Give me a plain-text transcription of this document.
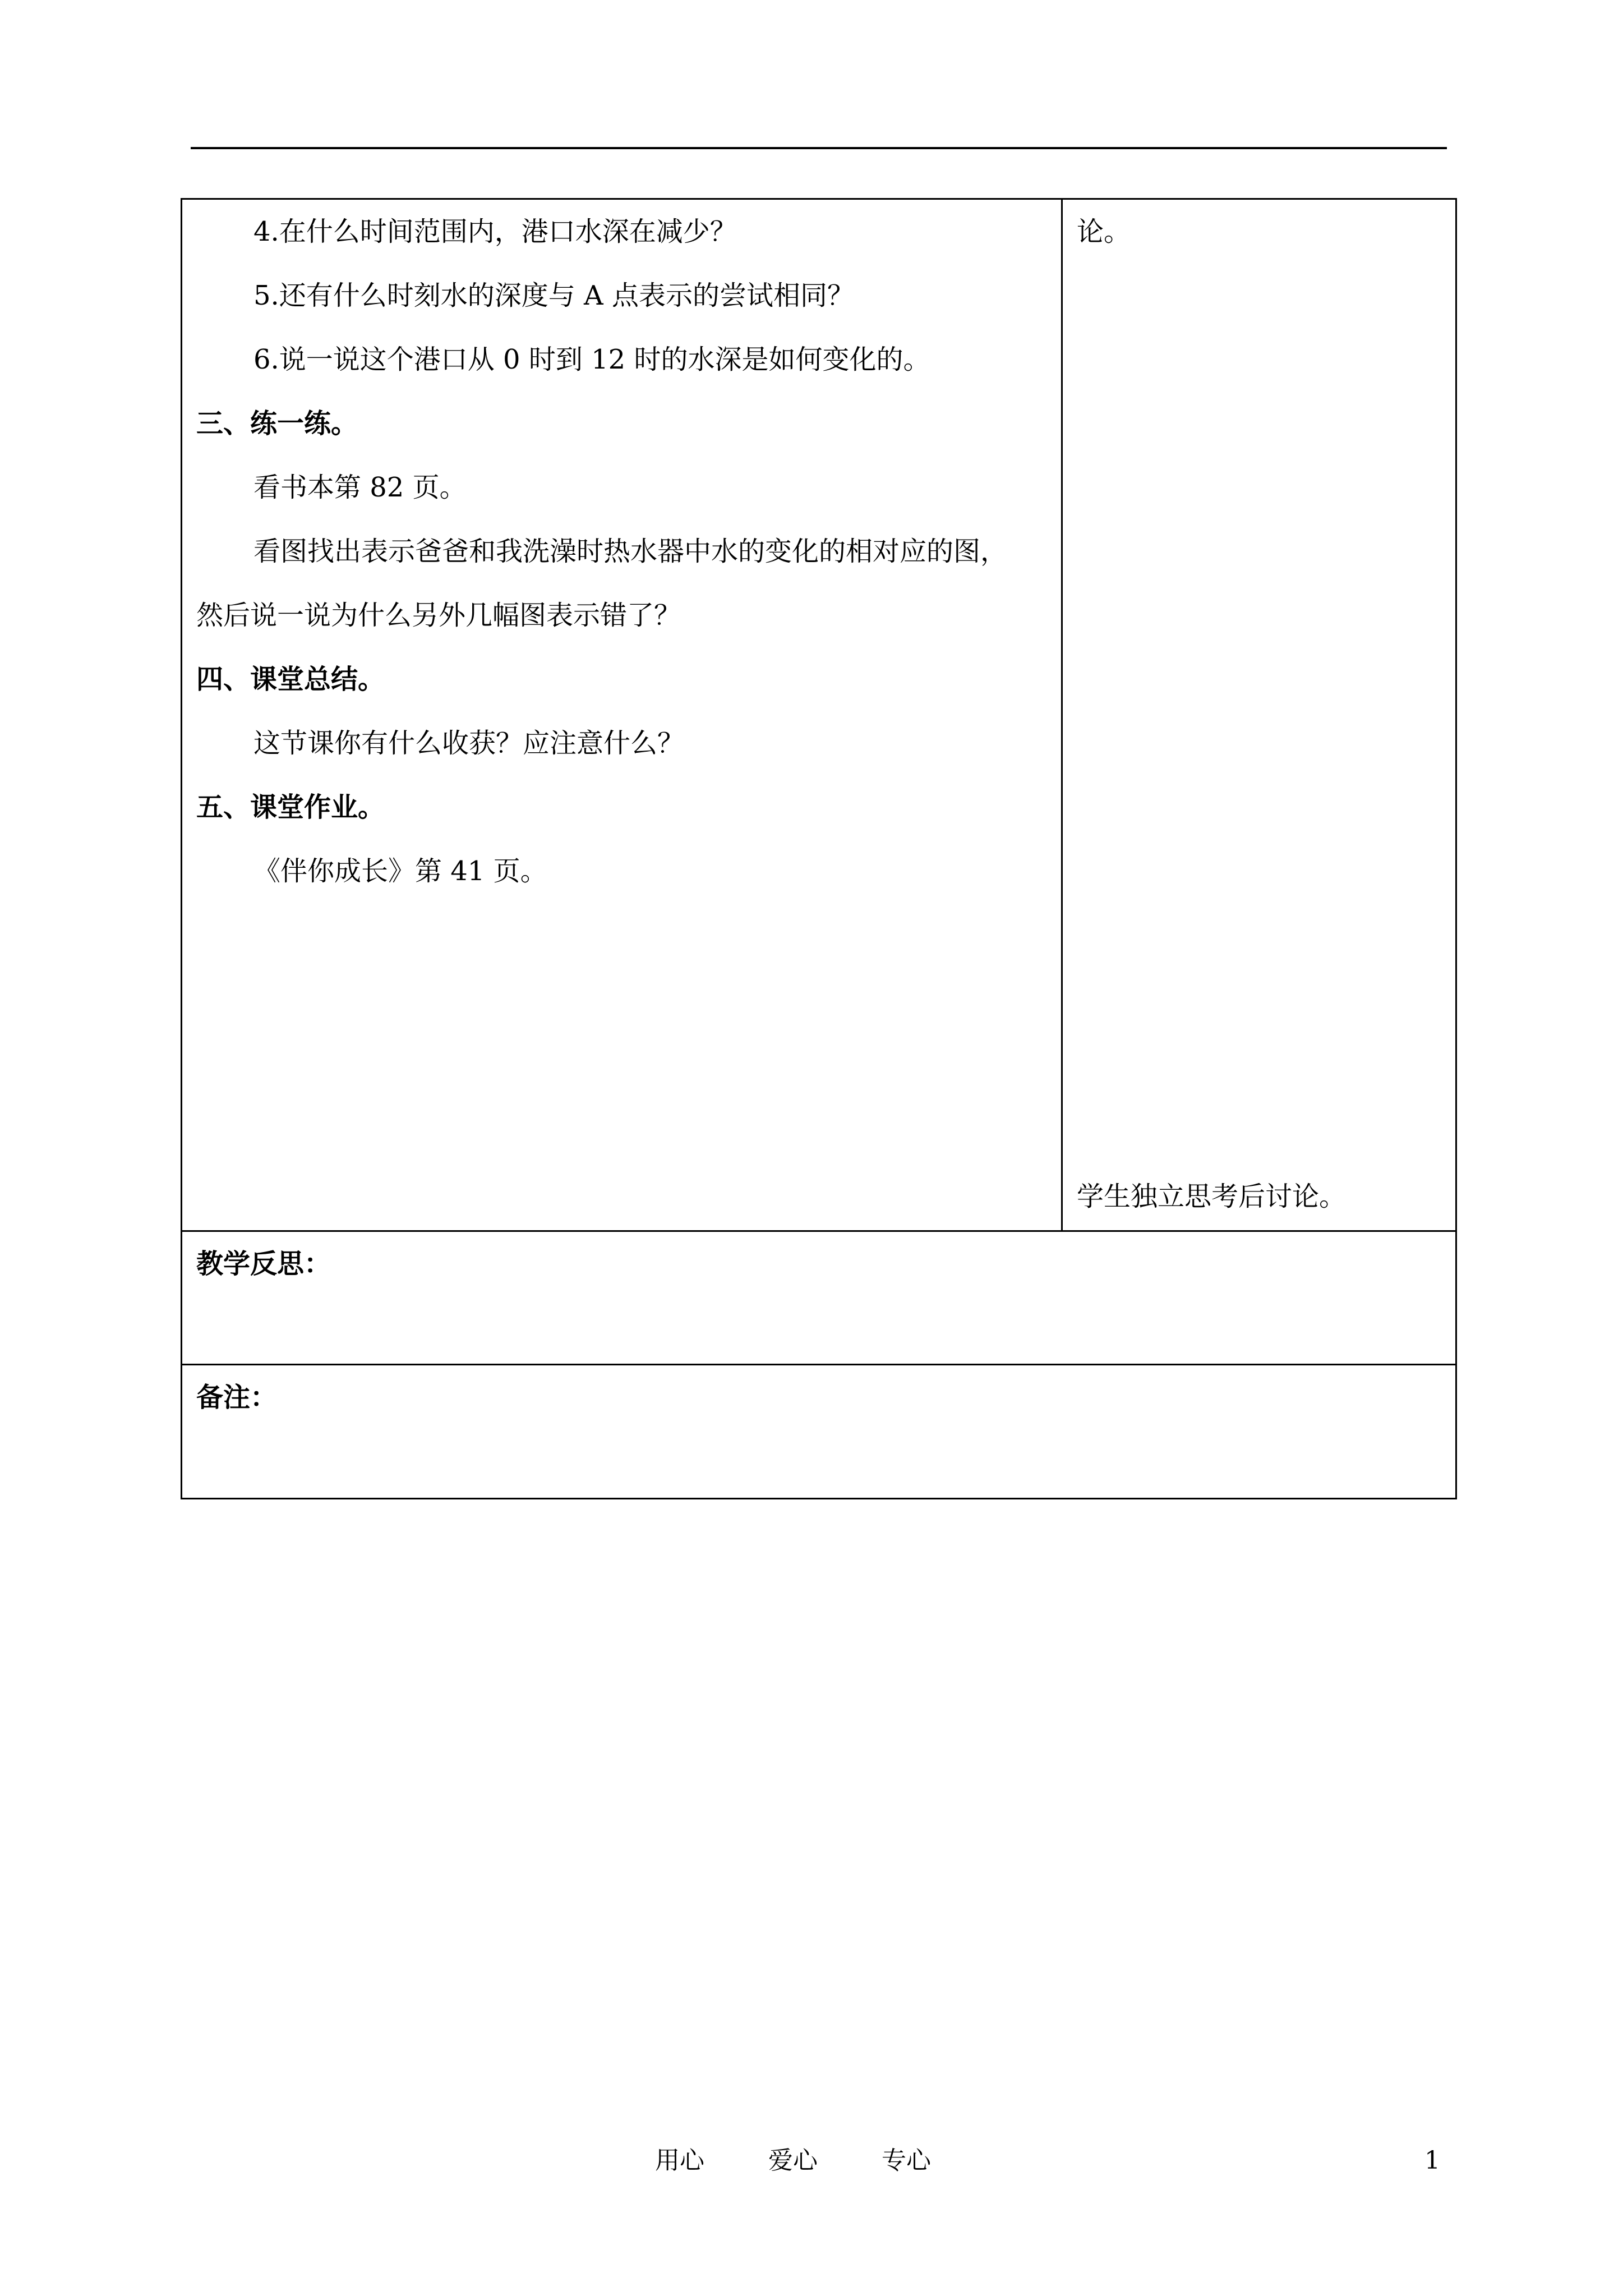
4.在什么时间范围内，港口水深在减少？
5.还有什么时刻水的深度与 A 点表示的尝试相同？
6.说一说这个港口从 0 时到 12 时的水深是如何变化的。
三、练一练。
看书本第 82 页。
看图找出表示爸爸和我洗澡时热水器中水的变化的相对应的图，
然后说一说为什么另外几幅图表示错了？
四、课堂总结。
这节课你有什么收获？应注意什么？
五、课堂作业。
《伴你成长》第 41 页。
论。
学生独立思考后讨论。
教学反思：
备注：
用心	爱心	专心	1
